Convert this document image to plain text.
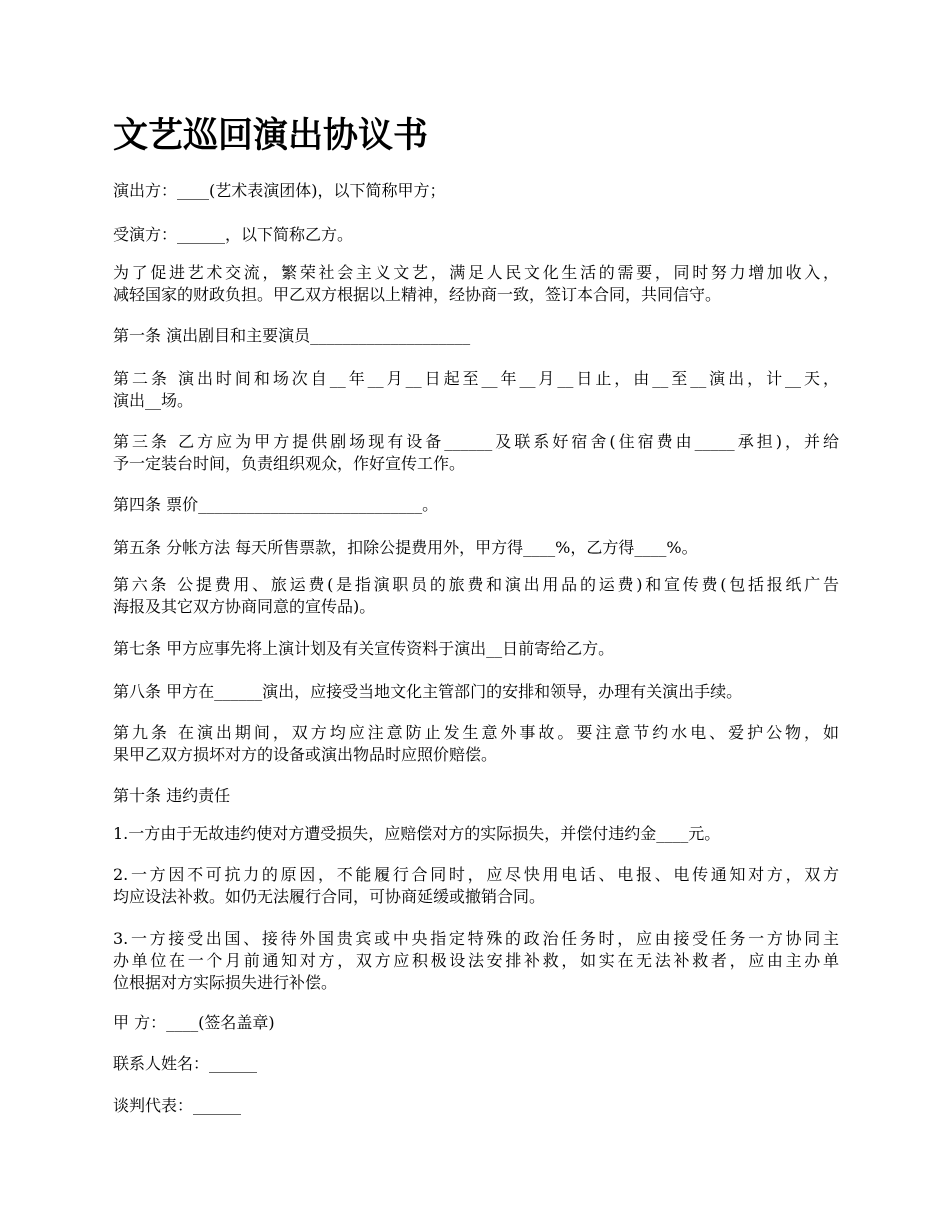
文艺巡回演出协议书
演出方：____(艺术表演团体)，以下简称甲方；
受演方：______，以下简称乙方。
为了促进艺术交流，繁荣社会主义文艺，满足人民文化生活的需要，同时努力增加收入，
减轻国家的财政负担。甲乙双方根据以上精神，经协商一致，签订本合同，共同信守。
第一条 演出剧目和主要演员____________________
第二条 演出时间和场次自__年__月__日起至__年__月__日止，由__至__演出，计__天，
演出__场。
第三条 乙方应为甲方提供剧场现有设备______及联系好宿舍(住宿费由_____承担)，并给
予一定装台时间，负责组织观众，作好宣传工作。
第四条 票价____________________________。
第五条 分帐方法 每天所售票款，扣除公提费用外，甲方得____%，乙方得____%。
第六条 公提费用、旅运费(是指演职员的旅费和演出用品的运费)和宣传费(包括报纸广告
海报及其它双方协商同意的宣传品)。
第七条 甲方应事先将上演计划及有关宣传资料于演出__日前寄给乙方。
第八条 甲方在______演出，应接受当地文化主管部门的安排和领导，办理有关演出手续。
第九条 在演出期间，双方均应注意防止发生意外事故。要注意节约水电、爱护公物，如
果甲乙双方损坏对方的设备或演出物品时应照价赔偿。
第十条 违约责任
1.一方由于无故违约使对方遭受损失，应赔偿对方的实际损失，并偿付违约金____元。
2.一方因不可抗力的原因，不能履行合同时，应尽快用电话、电报、电传通知对方，双方
均应设法补救。如仍无法履行合同，可协商延缓或撤销合同。
3.一方接受出国、接待外国贵宾或中央指定特殊的政治任务时，应由接受任务一方协同主
办单位在一个月前通知对方，双方应积极设法安排补救，如实在无法补救者，应由主办单
位根据对方实际损失进行补偿。
甲 方：____(签名盖章)
联系人姓名：______
谈判代表：______
